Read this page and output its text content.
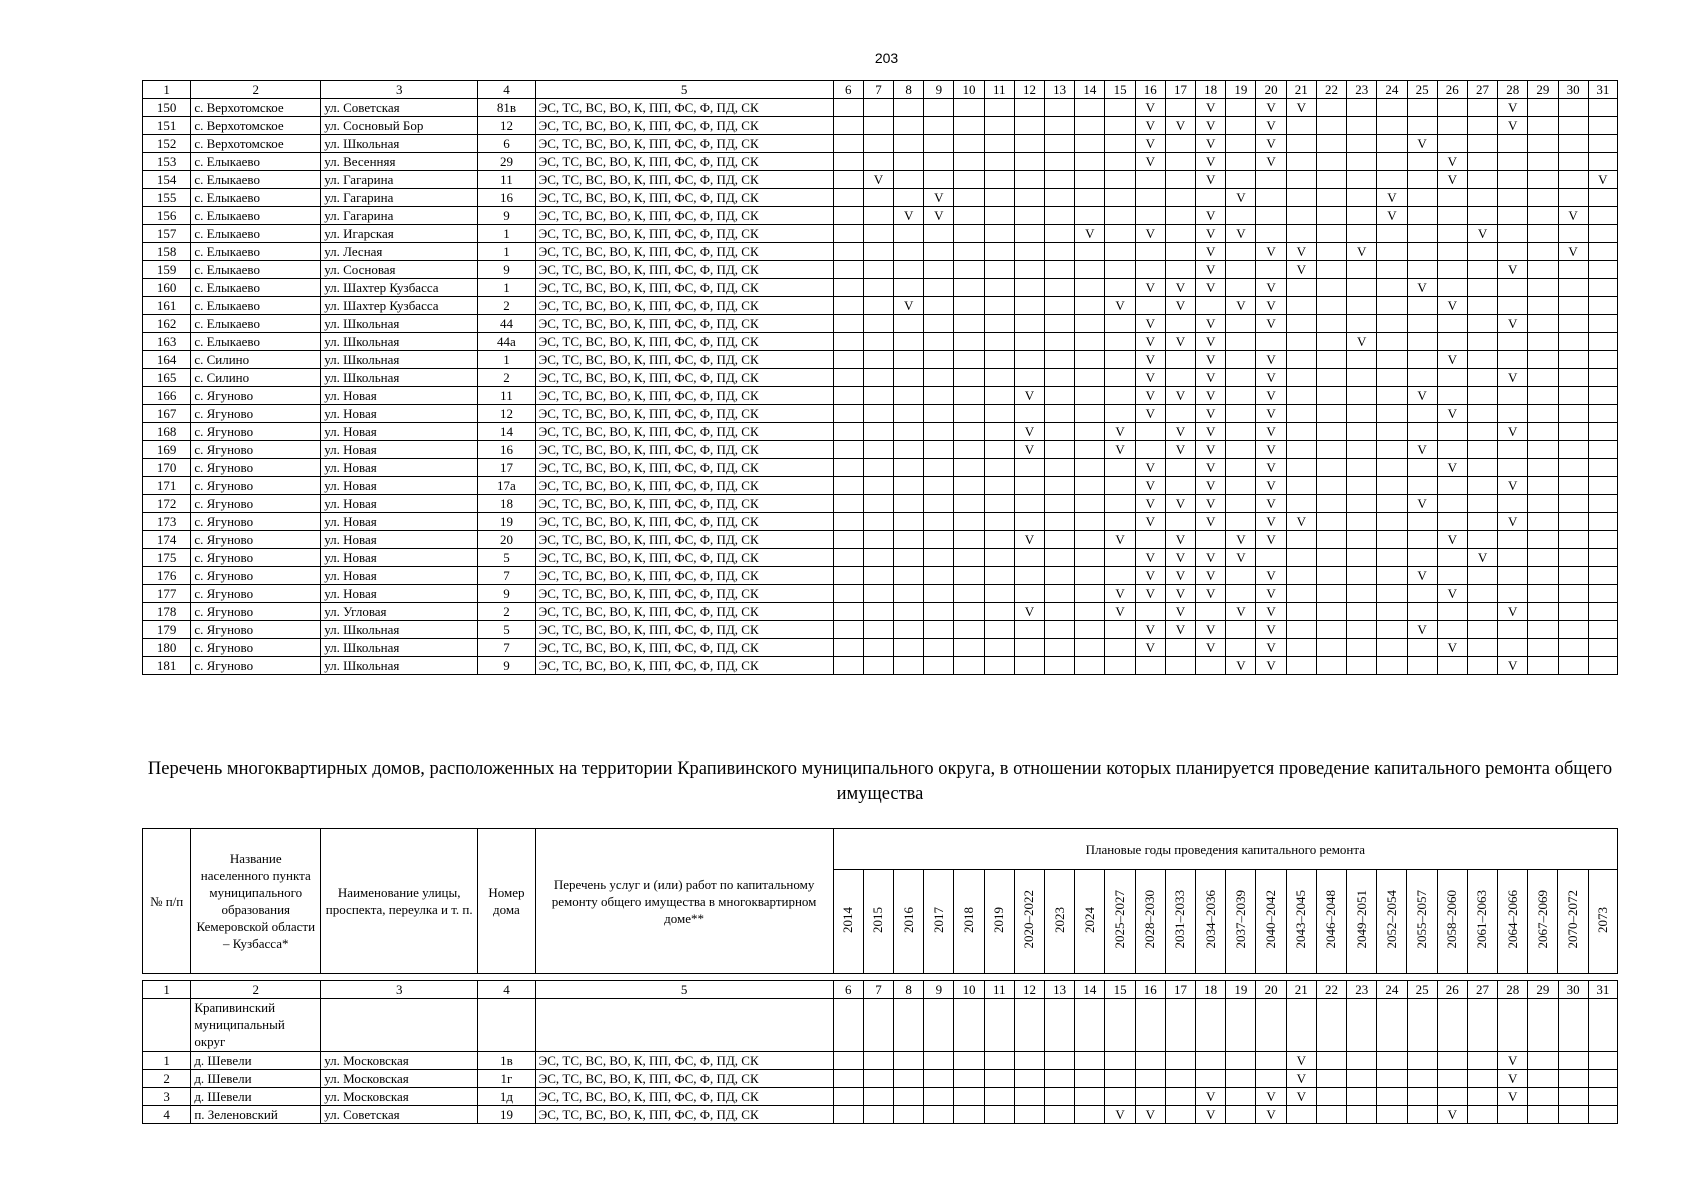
203
1	2	3	4	5	6	7	8	9	10	11	12	13	14	15	16	17	18	19	20	21	22	23	24	25	26	27	28	29	30	31
150	с. Верхотомское	ул. Советская	81в	ЭС, ТС, ВС, ВО, К, ПП, ФС, Ф, ПД, СК											V		V		V	V							V			
151	с. Верхотомское	ул. Сосновый Бор	12	ЭС, ТС, ВС, ВО, К, ПП, ФС, Ф, ПД, СК											V	V	V		V								V			
152	с. Верхотомское	ул. Школьная	6	ЭС, ТС, ВС, ВО, К, ПП, ФС, Ф, ПД, СК											V		V		V					V						
153	с. Елыкаево	ул. Весенняя	29	ЭС, ТС, ВС, ВО, К, ПП, ФС, Ф, ПД, СК											V		V		V						V					
154	с. Елыкаево	ул. Гагарина	11	ЭС, ТС, ВС, ВО, К, ПП, ФС, Ф, ПД, СК		V											V								V					V
155	с. Елыкаево	ул. Гагарина	16	ЭС, ТС, ВС, ВО, К, ПП, ФС, Ф, ПД, СК				V										V					V							
156	с. Елыкаево	ул. Гагарина	9	ЭС, ТС, ВС, ВО, К, ПП, ФС, Ф, ПД, СК			V	V									V						V						V	
157	с. Елыкаево	ул. Игарская	1	ЭС, ТС, ВС, ВО, К, ПП, ФС, Ф, ПД, СК									V		V		V	V								V				
158	с. Елыкаево	ул. Лесная	1	ЭС, ТС, ВС, ВО, К, ПП, ФС, Ф, ПД, СК													V		V	V		V							V	
159	с. Елыкаево	ул. Сосновая	9	ЭС, ТС, ВС, ВО, К, ПП, ФС, Ф, ПД, СК													V			V							V			
160	с. Елыкаево	ул. Шахтер Кузбасса	1	ЭС, ТС, ВС, ВО, К, ПП, ФС, Ф, ПД, СК											V	V	V		V					V						
161	с. Елыкаево	ул. Шахтер Кузбасса	2	ЭС, ТС, ВС, ВО, К, ПП, ФС, Ф, ПД, СК			V							V		V		V	V						V					
162	с. Елыкаево	ул. Школьная	44	ЭС, ТС, ВС, ВО, К, ПП, ФС, Ф, ПД, СК											V		V		V								V			
163	с. Елыкаево	ул. Школьная	44а	ЭС, ТС, ВС, ВО, К, ПП, ФС, Ф, ПД, СК											V	V	V					V								
164	с. Силино	ул. Школьная	1	ЭС, ТС, ВС, ВО, К, ПП, ФС, Ф, ПД, СК											V		V		V						V					
165	с. Силино	ул. Школьная	2	ЭС, ТС, ВС, ВО, К, ПП, ФС, Ф, ПД, СК											V		V		V								V			
166	с. Ягуново	ул. Новая	11	ЭС, ТС, ВС, ВО, К, ПП, ФС, Ф, ПД, СК							V				V	V	V		V					V						
167	с. Ягуново	ул. Новая	12	ЭС, ТС, ВС, ВО, К, ПП, ФС, Ф, ПД, СК											V		V		V						V					
168	с. Ягуново	ул. Новая	14	ЭС, ТС, ВС, ВО, К, ПП, ФС, Ф, ПД, СК							V			V		V	V		V								V			
169	с. Ягуново	ул. Новая	16	ЭС, ТС, ВС, ВО, К, ПП, ФС, Ф, ПД, СК							V			V		V	V		V					V						
170	с. Ягуново	ул. Новая	17	ЭС, ТС, ВС, ВО, К, ПП, ФС, Ф, ПД, СК											V		V		V						V					
171	с. Ягуново	ул. Новая	17а	ЭС, ТС, ВС, ВО, К, ПП, ФС, Ф, ПД, СК											V		V		V								V			
172	с. Ягуново	ул. Новая	18	ЭС, ТС, ВС, ВО, К, ПП, ФС, Ф, ПД, СК											V	V	V		V					V						
173	с. Ягуново	ул. Новая	19	ЭС, ТС, ВС, ВО, К, ПП, ФС, Ф, ПД, СК											V		V		V	V							V			
174	с. Ягуново	ул. Новая	20	ЭС, ТС, ВС, ВО, К, ПП, ФС, Ф, ПД, СК							V			V		V		V	V						V					
175	с. Ягуново	ул. Новая	5	ЭС, ТС, ВС, ВО, К, ПП, ФС, Ф, ПД, СК											V	V	V	V								V				
176	с. Ягуново	ул. Новая	7	ЭС, ТС, ВС, ВО, К, ПП, ФС, Ф, ПД, СК											V	V	V		V					V						
177	с. Ягуново	ул. Новая	9	ЭС, ТС, ВС, ВО, К, ПП, ФС, Ф, ПД, СК										V	V	V	V		V						V					
178	с. Ягуново	ул. Угловая	2	ЭС, ТС, ВС, ВО, К, ПП, ФС, Ф, ПД, СК							V			V		V		V	V								V			
179	с. Ягуново	ул. Школьная	5	ЭС, ТС, ВС, ВО, К, ПП, ФС, Ф, ПД, СК											V	V	V		V					V						
180	с. Ягуново	ул. Школьная	7	ЭС, ТС, ВС, ВО, К, ПП, ФС, Ф, ПД, СК											V		V		V						V					
181	с. Ягуново	ул. Школьная	9	ЭС, ТС, ВС, ВО, К, ПП, ФС, Ф, ПД, СК														V	V								V			
Перечень многоквартирных домов, расположенных на территории Крапивинского муниципального округа, в отношении которых планируется проведение капитального ремонта общего имущества
№ п/п	Название населенного пункта муниципального образования Кемеровской области – Кузбасса*	Наименование улицы, проспекта, переулка и т. п.	Номер дома	Перечень услуг и (или) работ по капитальному ремонту общего имущества в многоквартирном доме**	Плановые годы проведения капитального ремонта																									
					2014	2015	2016	2017	2018	2019	2020–2022	2023	2024	2025–2027	2028–2030	2031–2033	2034–2036	2037–2039	2040–2042	2043–2045	2046–2048	2049–2051	2052–2054	2055–2057	2058–2060	2061–2063	2064–2066	2067–2069	2070–2072	2073
1	2	3	4	5	6	7	8	9	10	11	12	13	14	15	16	17	18	19	20	21	22	23	24	25	26	27	28	29	30	31
	Крапивинский муниципальный округ																													
1	д. Шевели	ул. Московская	1в	ЭС, ТС, ВС, ВО, К, ПП, ФС, Ф, ПД, СК																V							V			
2	д. Шевели	ул. Московская	1г	ЭС, ТС, ВС, ВО, К, ПП, ФС, Ф, ПД, СК																V							V			
3	д. Шевели	ул. Московская	1д	ЭС, ТС, ВС, ВО, К, ПП, ФС, Ф, ПД, СК													V		V	V							V			
4	п. Зеленовский	ул. Советская	19	ЭС, ТС, ВС, ВО, К, ПП, ФС, Ф, ПД, СК										V	V		V		V						V					
